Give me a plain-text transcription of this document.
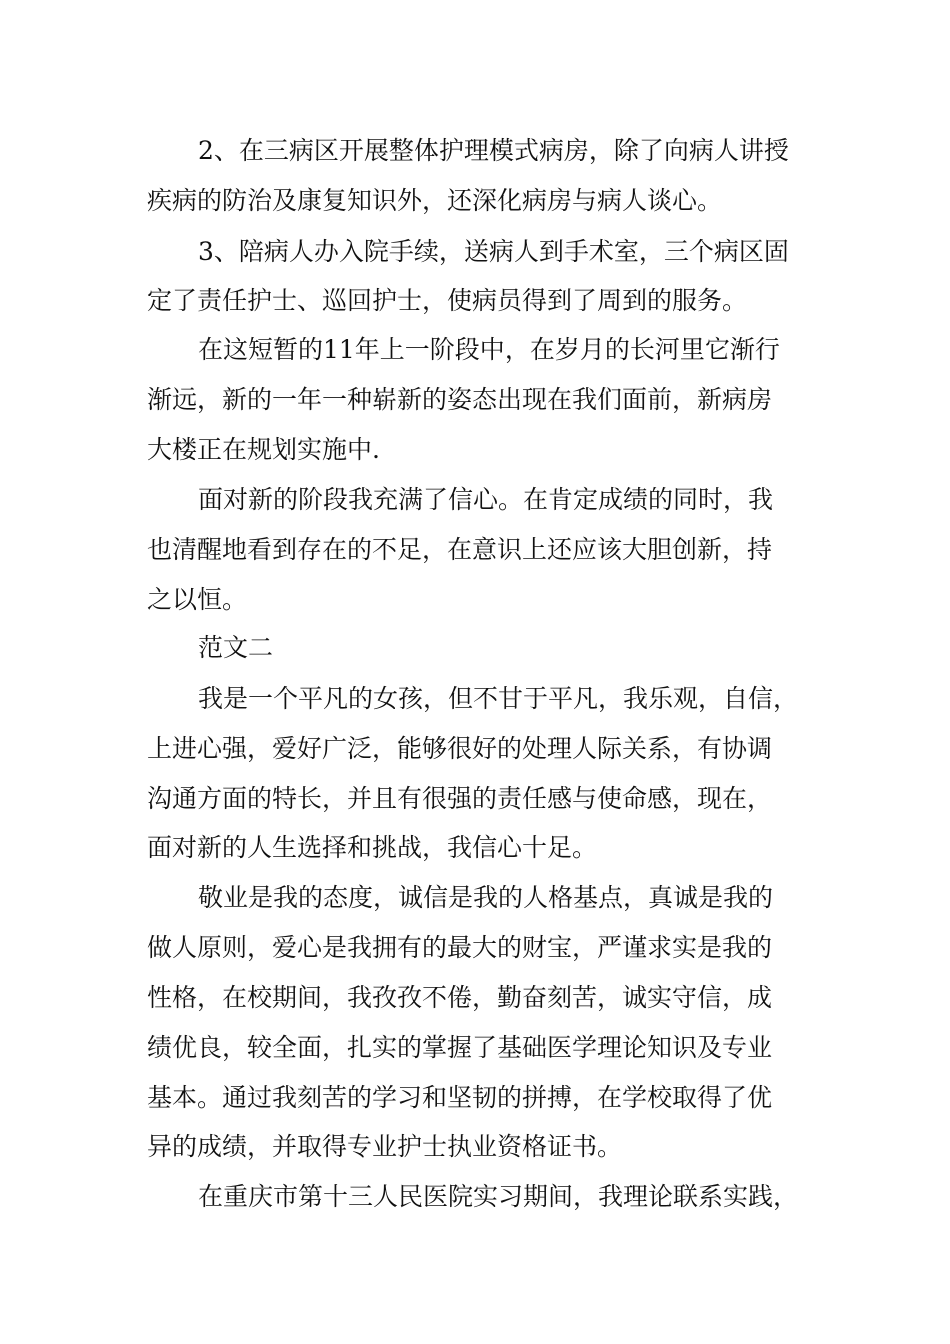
2、在三病区开展整体护理模式病房，除了向病人讲授
疾病的防治及康复知识外，还深化病房与病人谈心。
3、陪病人办入院手续，送病人到手术室，三个病区固
定了责任护士、巡回护士，使病员得到了周到的服务。
在这短暂的11年上一阶段中，在岁月的长河里它渐行
渐远，新的一年一种崭新的姿态出现在我们面前，新病房
大楼正在规划实施中.
面对新的阶段我充满了信心。在肯定成绩的同时，我
也清醒地看到存在的不足，在意识上还应该大胆创新，持
之以恒。
范文二
我是一个平凡的女孩，但不甘于平凡，我乐观，自信，
上进心强，爱好广泛，能够很好的处理人际关系，有协调
沟通方面的特长，并且有很强的责任感与使命感，现在，
面对新的人生选择和挑战，我信心十足。
敬业是我的态度，诚信是我的人格基点，真诚是我的
做人原则，爱心是我拥有的最大的财宝，严谨求实是我的
性格，在校期间，我孜孜不倦，勤奋刻苦，诚实守信，成
绩优良，较全面，扎实的掌握了基础医学理论知识及专业
基本。通过我刻苦的学习和坚韧的拼搏，在学校取得了优
异的成绩，并取得专业护士执业资格证书。
在重庆市第十三人民医院实习期间，我理论联系实践，
